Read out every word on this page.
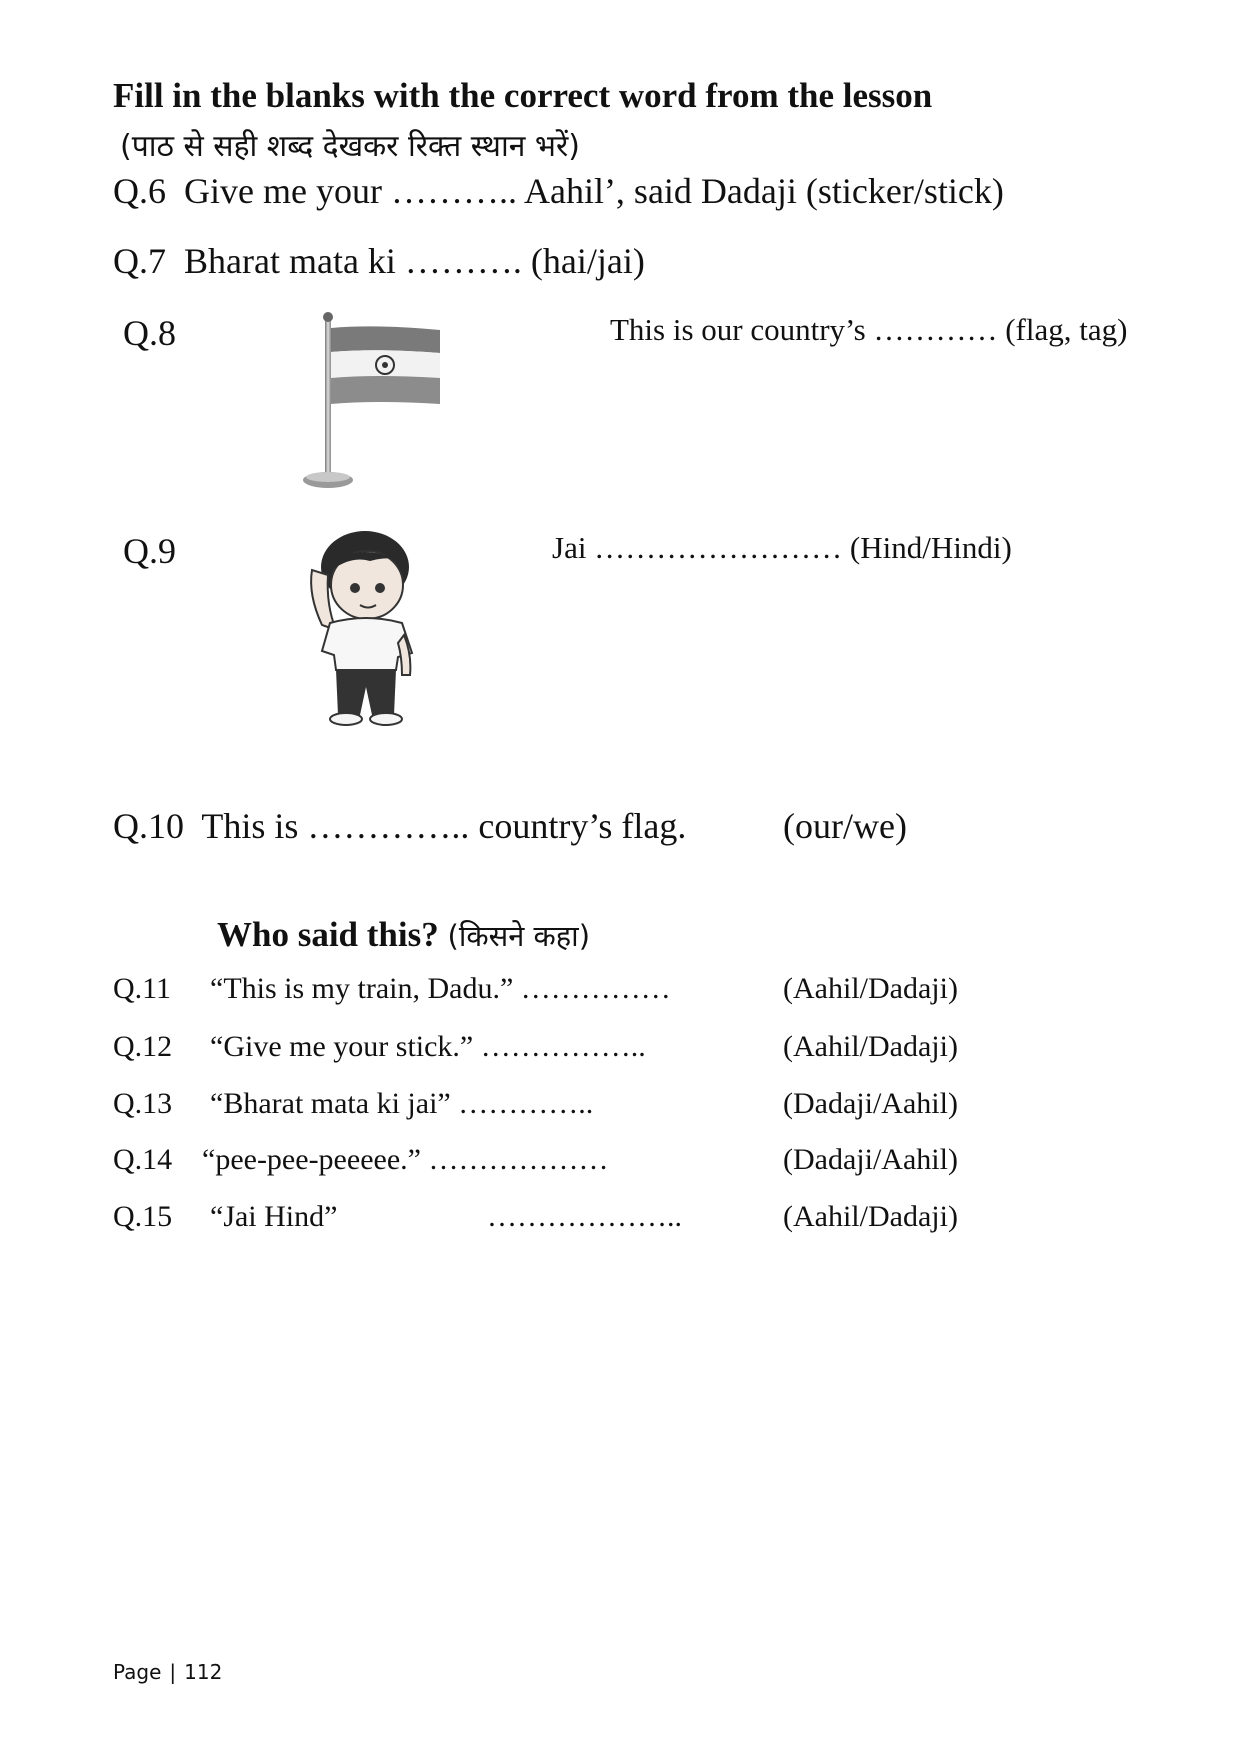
Fill in the blanks with the correct word from the lesson
(पाठ से सही शब्द देखकर रिक्त स्थान भरें)
Q.6 Give me your ……….. Aahil’, said Dadaji (sticker/stick)
Q.7 Bharat mata ki ………. (hai/jai)
Q.8	This is our country’s ………… (flag, tag)
Q.9	Jai …………………… (Hind/Hindi)
Q.10 This is ………….. country’s flag.	(our/we)
Who said this? (किसने कहा)
Q.11 “This is my train, Dadu.” ……………	(Aahil/Dadaji)
Q.12 “Give me your stick.” ……………..	(Aahil/Dadaji)
Q.13 “Bharat mata ki jai” …………..	(Dadaji/Aahil)
Q.14 “pee-pee-peeeee.” ………………	(Dadaji/Aahil)
Q.15 “Jai Hind”	………………..	(Aahil/Dadaji)
Page | 112
